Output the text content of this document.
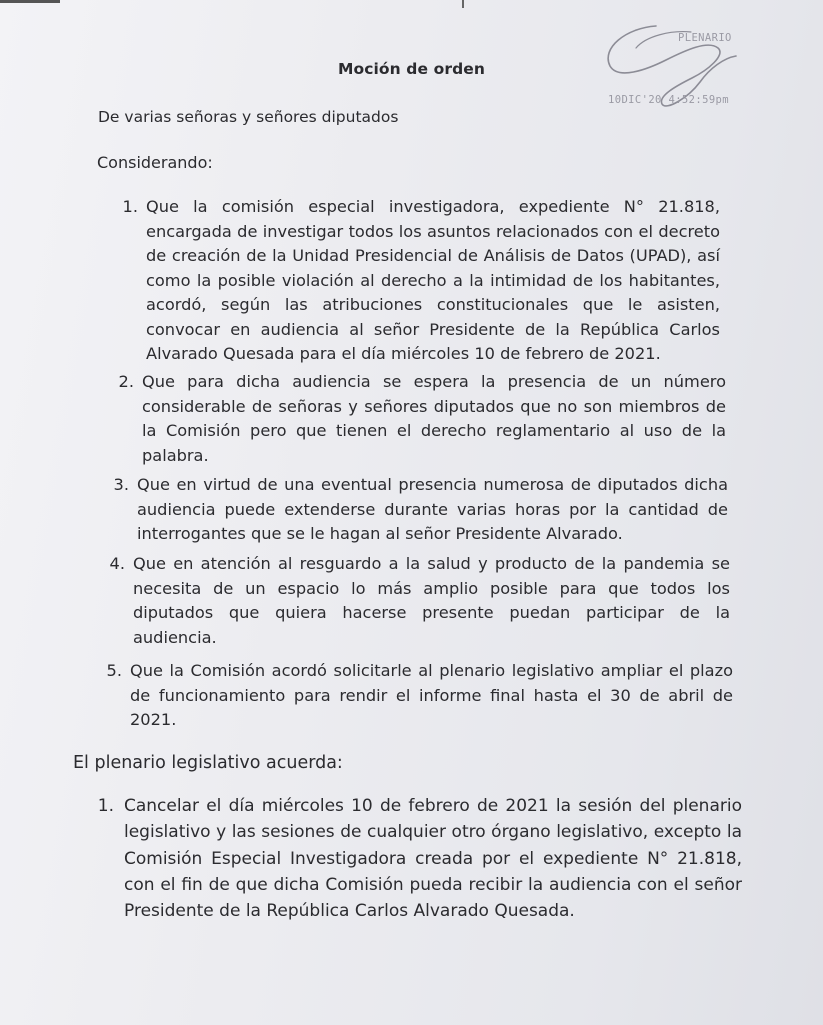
PLENARIO
10DIC'20 4:52:59pm
Moción de orden
De varias señoras y señores diputados
Considerando:
1. Que la comisión especial investigadora, expediente N° 21.818, encargada de investigar todos los asuntos relacionados con el decreto de creación de la Unidad Presidencial de Análisis de Datos (UPAD), así como la posible violación al derecho a la intimidad de los habitantes, acordó, según las atribuciones constitucionales que le asisten, convocar en audiencia al señor Presidente de la República Carlos Alvarado Quesada para el día miércoles 10 de febrero de 2021.
2. Que para dicha audiencia se espera la presencia de un número considerable de señoras y señores diputados que no son miembros de la Comisión pero que tienen el derecho reglamentario al uso de la palabra.
3. Que en virtud de una eventual presencia numerosa de diputados dicha audiencia puede extenderse durante varias horas por la cantidad de interrogantes que se le hagan al señor Presidente Alvarado.
4. Que en atención al resguardo a la salud y producto de la pandemia se necesita de un espacio lo más amplio posible para que todos los diputados que quiera hacerse presente puedan participar de la audiencia.
5. Que la Comisión acordó solicitarle al plenario legislativo ampliar el plazo de funcionamiento para rendir el informe final hasta el 30 de abril de 2021.
El plenario legislativo acuerda:
1. Cancelar el día miércoles 10 de febrero de 2021 la sesión del plenario legislativo y las sesiones de cualquier otro órgano legislativo, excepto la Comisión Especial Investigadora creada por el expediente N° 21.818, con el fin de que dicha Comisión pueda recibir la audiencia con el señor Presidente de la República Carlos Alvarado Quesada.
